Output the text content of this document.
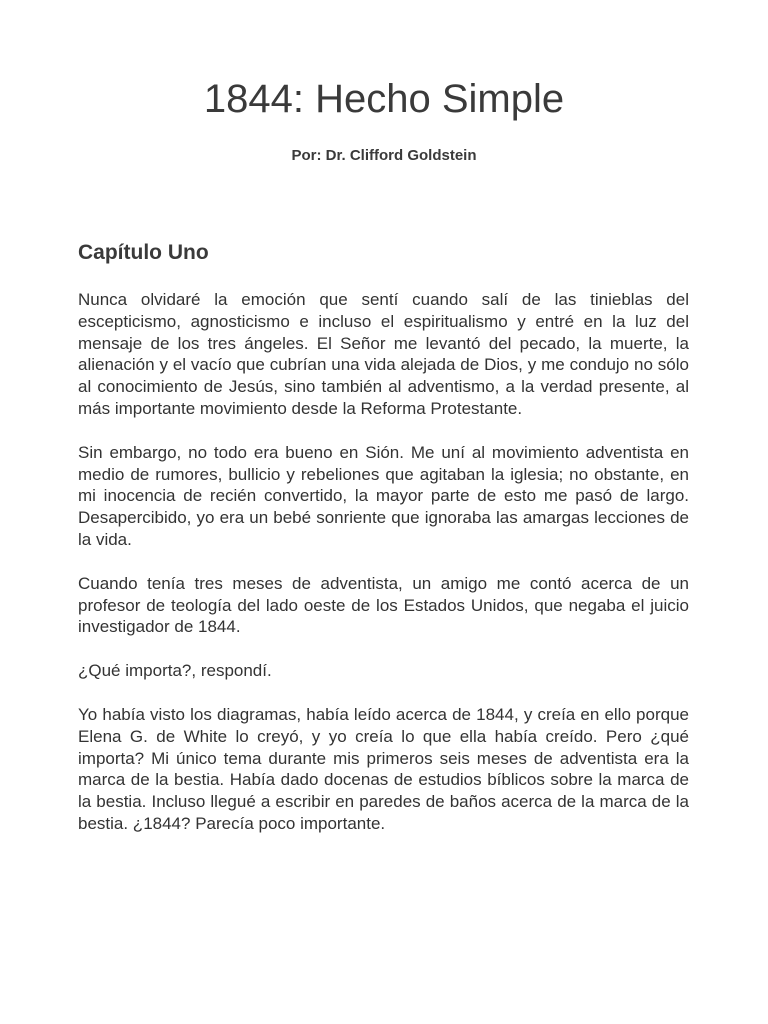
1844: Hecho Simple

Por: Dr. Clifford Goldstein

Capítulo Uno

Nunca olvidaré la emoción que sentí cuando salí de las tinieblas del escepticismo, agnosticismo e incluso el espiritualismo y entré en la luz del mensaje de los tres ángeles. El Señor me levantó del pecado, la muerte, la alienación y el vacío que cubrían una vida alejada de Dios, y me condujo no sólo al conocimiento de Jesús, sino también al adventismo, a la verdad presente, al más importante movimiento desde la Reforma Protestante.

Sin embargo, no todo era bueno en Sión. Me uní al movimiento adventista en medio de rumores, bullicio y rebeliones que agitaban la iglesia; no obstante, en mi inocencia de recién convertido, la mayor parte de esto me pasó de largo. Desapercibido, yo era un bebé sonriente que ignoraba las amargas lecciones de la vida.

Cuando tenía tres meses de adventista, un amigo me contó acerca de un profesor de teología del lado oeste de los Estados Unidos, que negaba el juicio investigador de 1844.

¿Qué importa?, respondí.

Yo había visto los diagramas, había leído acerca de 1844, y creía en ello porque Elena G. de White lo creyó, y yo creía lo que ella había creído. Pero ¿qué importa? Mi único tema durante mis primeros seis meses de adventista era la marca de la bestia. Había dado docenas de estudios bíblicos sobre la marca de la bestia. Incluso llegué a escribir en paredes de baños acerca de la marca de la bestia. ¿1844? Parecía poco importante.
